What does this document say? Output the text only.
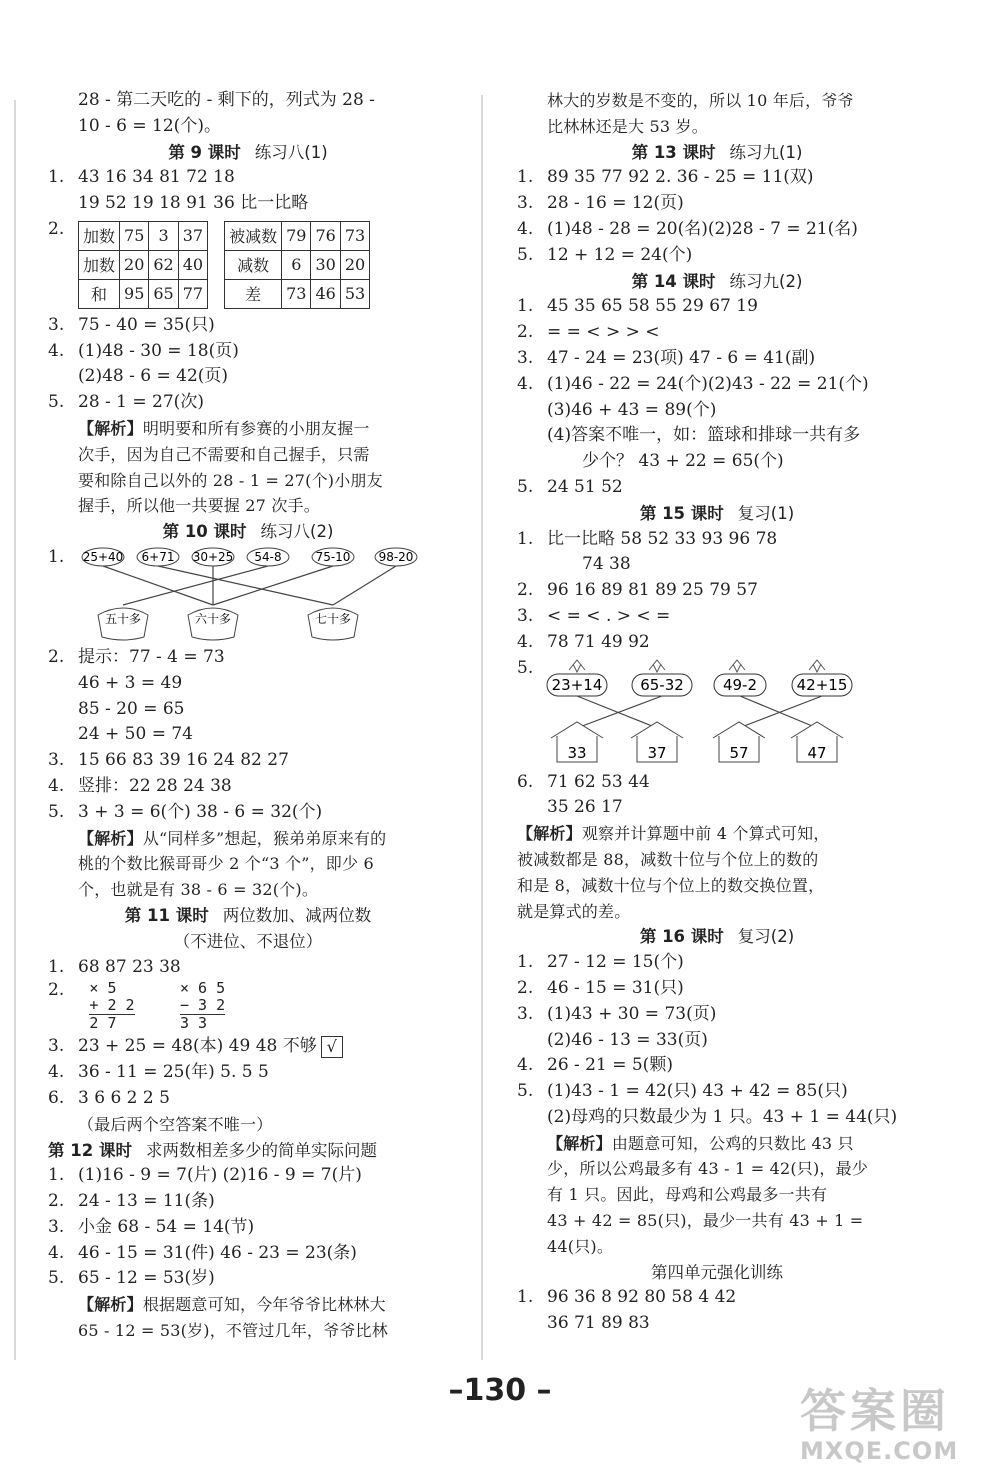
28 - 第二天吃的 - 剩下的，列式为 28 -
10 - 6 = 12(个)。
第 9 课时 练习八(1)
1. 43 16 34 81 72 18
19 52 19 18 91 36 比一比略
2.	加数	75	3	37
加数	20	62	40
和	95	65	77
被减数	79	76	73
减数	6	30	20
差	73	46	53
3. 75 - 40 = 35(只)
4. (1)48 - 30 = 18(页)
(2)48 - 6 = 42(页)
5. 28 - 1 = 27(次)
【解析】明明要和所有参赛的小朋友握一
次手，因为自己不需要和自己握手，只需
要和除自己以外的 28 - 1 = 27(个)小朋友
握手，所以他一共要握 27 次手。
第 10 课时 练习八(2)
1.	25+40 6+71 30+25 54-8	75-10 98-20
五十多	六十多	七十多
2. 提示：77 - 4 = 73
46 + 3 = 49
85 - 20 = 65
24 + 50 = 74
3. 15 66 83 39 16 24 82 27
4. 竖排：22 28 24 38
5. 3 + 3 = 6(个) 38 - 6 = 32(个)
【解析】从“同样多”想起，猴弟弟原来有的
桃的个数比猴哥哥少 2 个“3 个”，即少 6
个，也就是有 38 - 6 = 32(个)。
第 11 课时 两位数加、减两位数
（不进位、不退位）
1. 68 87 23 38
2. × 5
+ 2 2
2 7

× 6 5
− 3 2
3 3
3. 23 + 25 = 48(本) 49 48 不够 √
4. 36 - 11 = 25(年) 5. 5 5
6. 3 6 6 2 2 5
（最后两个空答案不唯一）
第 12 课时 求两数相差多少的简单实际问题
1. (1)16 - 9 = 7(片) (2)16 - 9 = 7(片)
2. 24 - 13 = 11(条)
3. 小金 68 - 54 = 14(节)
4. 46 - 15 = 31(件) 46 - 23 = 23(条)
5. 65 - 12 = 53(岁)
【解析】根据题意可知，今年爷爷比林林大
65 - 12 = 53(岁)，不管过几年，爷爷比林
林大的岁数是不变的，所以 10 年后，爷爷
比林林还是大 53 岁。
第 13 课时 练习九(1)
1. 89 35 77 92 2. 36 - 25 = 11(双)
3. 28 - 16 = 12(页)
4. (1)48 - 28 = 20(名)(2)28 - 7 = 21(名)
5. 12 + 12 = 24(个)
第 14 课时 练习九(2)
1. 45 35 65 58 55 29 67 19
2. = = < > > <
3. 47 - 24 = 23(项) 47 - 6 = 41(副)
4. (1)46 - 22 = 24(个)(2)43 - 22 = 21(个)
(3)46 + 43 = 89(个)
(4)答案不唯一，如：篮球和排球一共有多
少个？ 43 + 22 = 65(个)
5. 24 51 52
第 15 课时 复习(1)
1. 比一比略 58 52 33 93 96 78
74 38
2. 96 16 89 81 89 25 79 57
3. < = < . > < =
4. 78 71 49 92
5.
23+14	65-32	49-2	42+15
33	37	57	47
6. 71 62 53 44
35 26 17
【解析】观察并计算题中前 4 个算式可知，
被减数都是 88，减数十位与个位上的数的
和是 8，减数十位与个位上的数交换位置，
就是算式的差。
第 16 课时 复习(2)
1. 27 - 12 = 15(个)
2. 46 - 15 = 31(只)
3. (1)43 + 30 = 73(页)
(2)46 - 13 = 33(页)
4. 26 - 21 = 5(颗)
5. (1)43 - 1 = 42(只) 43 + 42 = 85(只)
(2)母鸡的只数最少为 1 只。43 + 1 = 44(只)
【解析】由题意可知，公鸡的只数比 43 只
少，所以公鸡最多有 43 - 1 = 42(只)，最少
有 1 只。因此，母鸡和公鸡最多一共有
43 + 42 = 85(只)，最少一共有 43 + 1 =
44(只)。
第四单元强化训练
1. 96 36 8 92 80 58 4 42
36 71 89 83
–130 –	答案圈
MXQE.COM
